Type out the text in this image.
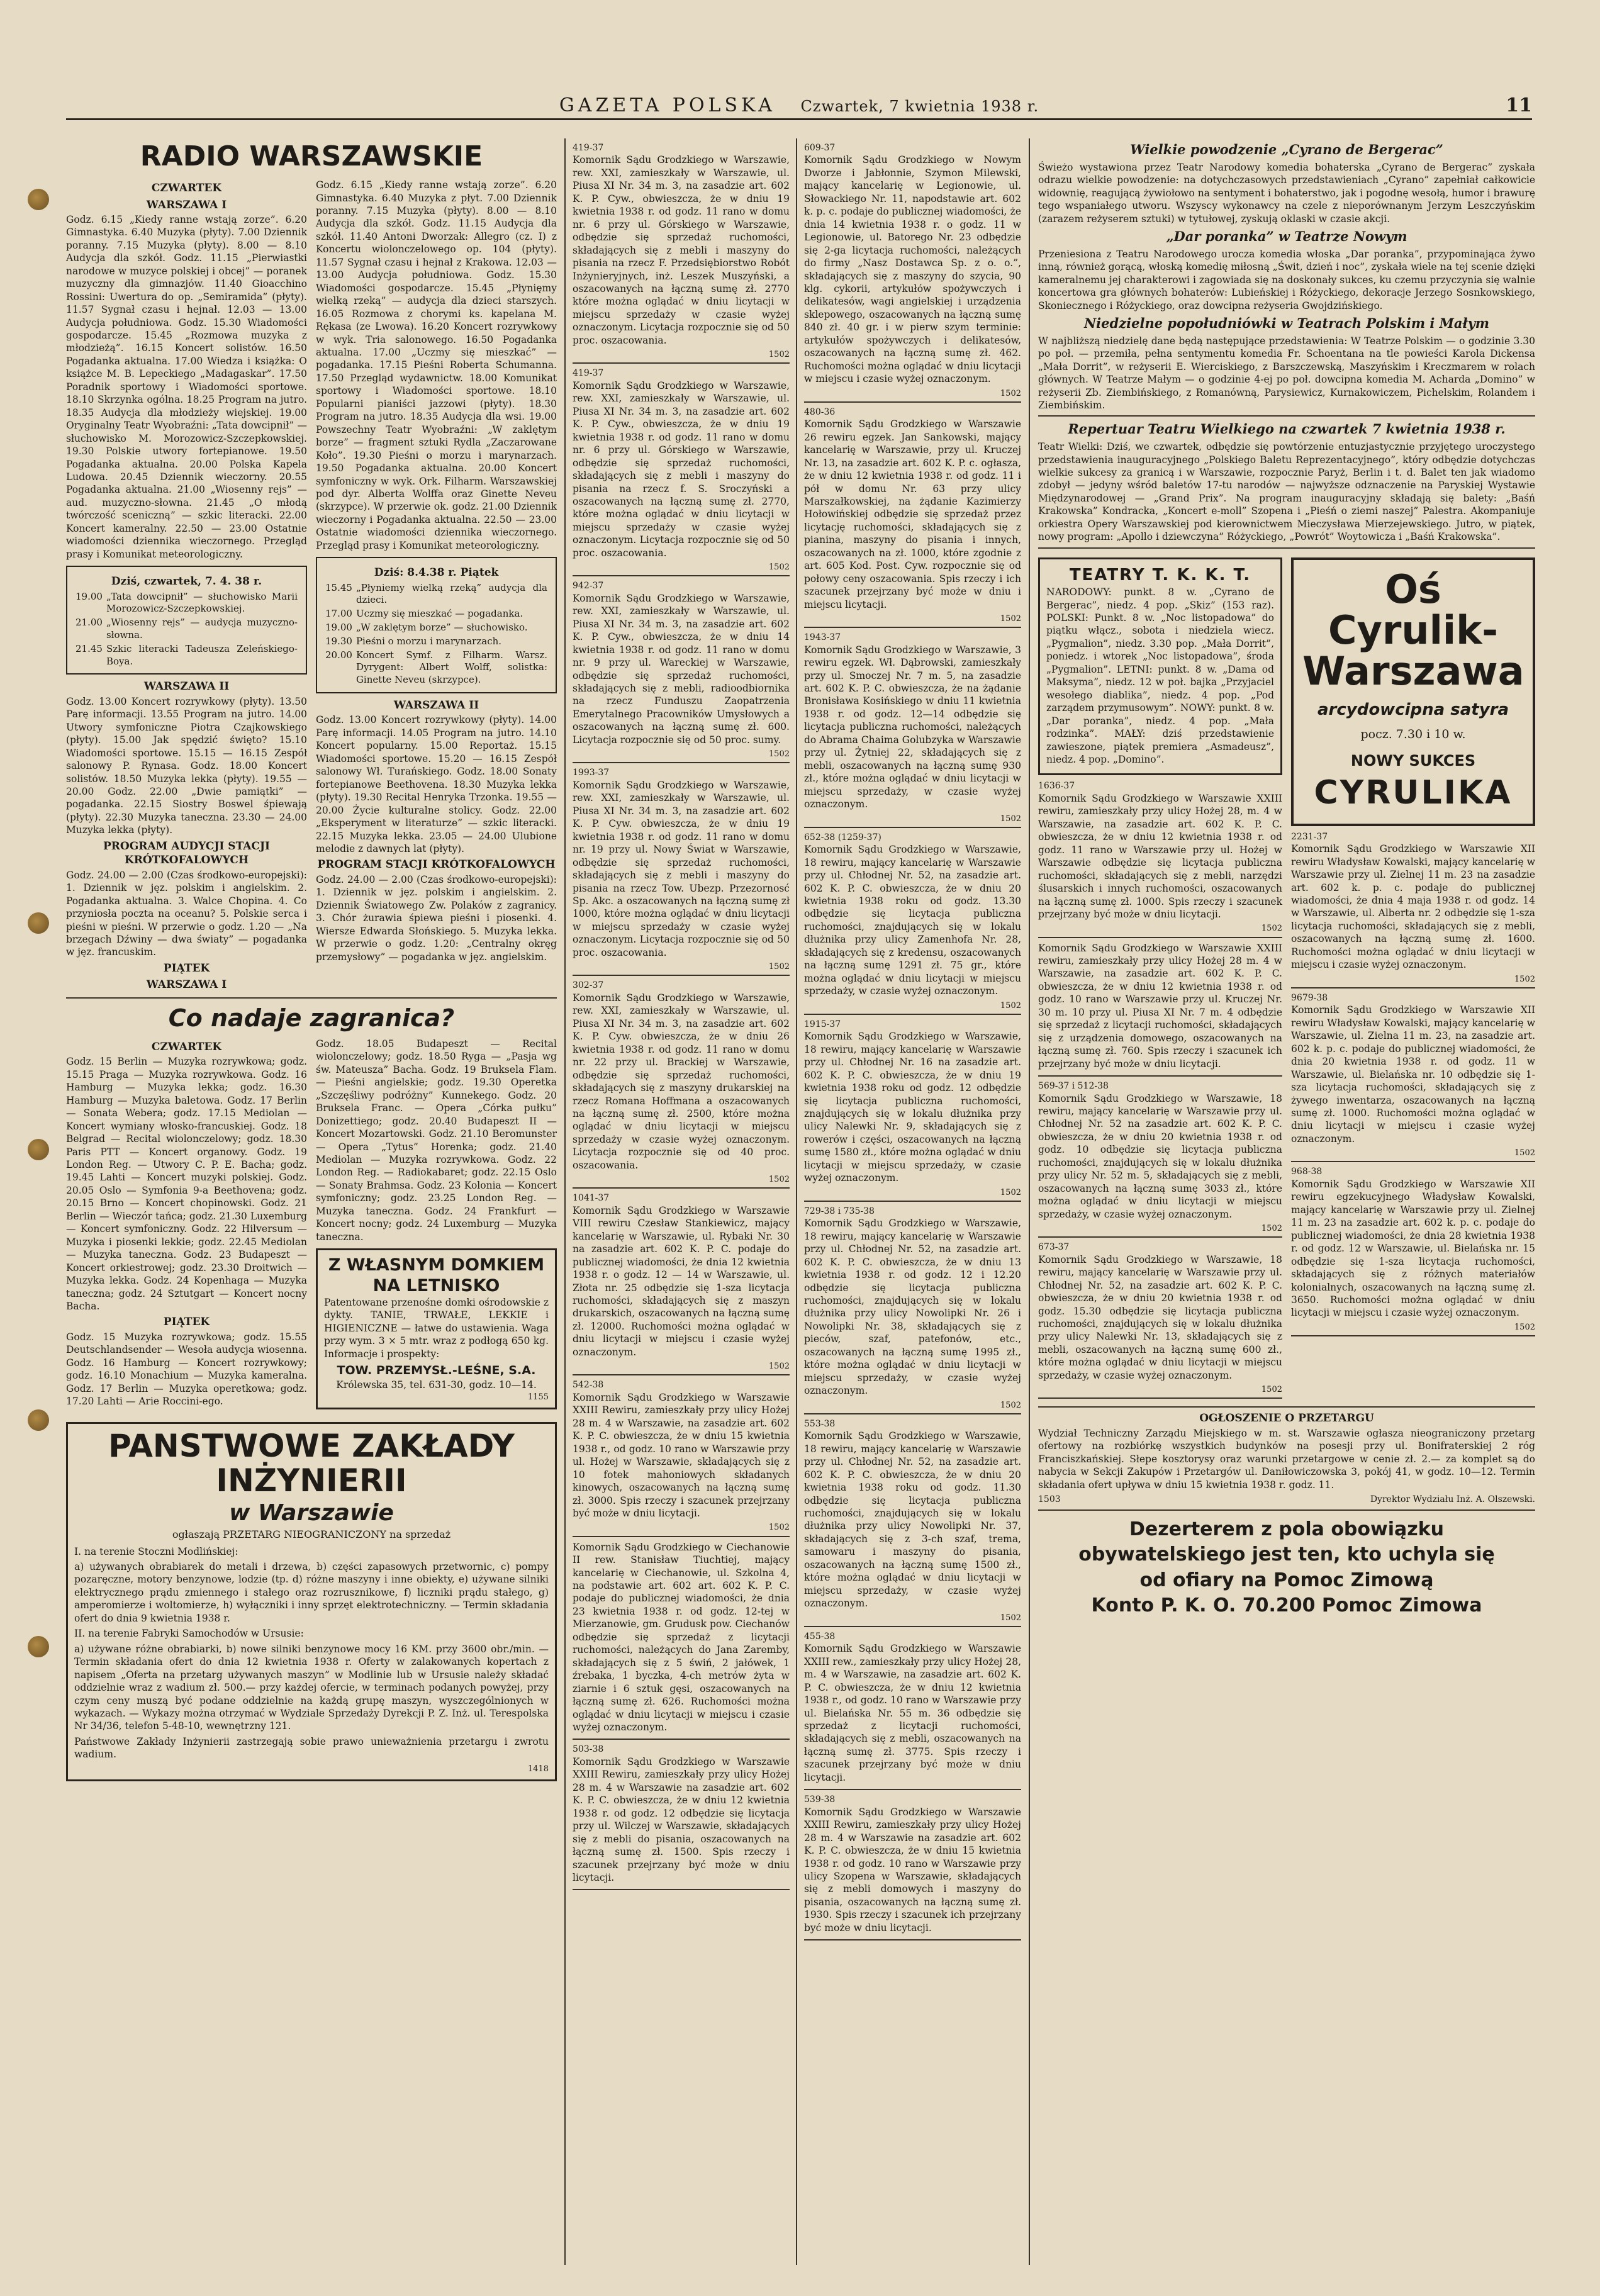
GAZETA POLSKA Czwartek, 7 kwietnia 1938 r.	11
RADIO WARSZAWSKIE
CZWARTEK
WARSZAWA I

Godz. 6.15 „Kiedy ranne wstają zorze”. 6.20 Gimnastyka. 6.40 Muzyka (płyty). 7.00 Dziennik poranny. 7.15 Muzyka (płyty). 8.00 — 8.10 Audycja dla szkół. Godz. 11.15 „Pierwiastki narodowe w muzyce polskiej i obcej” — poranek muzyczny dla gimnazjów. 11.40 Gioacchino Rossini: Uwertura do op. „Semiramida” (płyty). 11.57 Sygnał czasu i hejnał. 12.03 — 13.00 Audycja południowa. Godz. 15.30 Wiadomości gospodarcze. 15.45 „Rozmowa muzyka z młodzieżą”. 16.15 Koncert solistów. 16.50 Pogadanka aktualna. 17.00 Wiedza i książka: O książce M. B. Lepeckiego „Madagaskar”. 17.50 Poradnik sportowy i Wiadomości sportowe. 18.10 Skrzynka ogólna. 18.25 Program na jutro. 18.35 Audycja dla młodzieży wiejskiej. 19.00 Oryginalny Teatr Wyobraźni: „Tata dowcipnił” — słuchowisko M. Morozowicz-Szczepkowskiej. 19.30 Polskie utwory fortepianowe. 19.50 Pogadanka aktualna. 20.00 Polska Kapela Ludowa. 20.45 Dziennik wieczorny. 20.55 Pogadanka aktualna. 21.00 „Wiosenny rejs” — aud. muzyczno-słowna. 21.45 „O młodą twórczość sceniczną” — szkic literacki. 22.00 Koncert kameralny. 22.50 — 23.00 Ostatnie wiadomości dziennika wieczornego. Przegląd prasy i Komunikat meteorologiczny.

Dziś, czwartek, 7. 4. 38 r.
19.00	„Tata dowcipnił” — słuchowisko Marii Morozowicz-Szczepkowskiej.
21.00	„Wiosenny rejs” — audycja muzyczno-słowna.
21.45	Szkic literacki Tadeusza Zeleńskiego-Boya.
WARSZAWA II

Godz. 13.00 Koncert rozrywkowy (płyty). 13.50 Parę informacji. 13.55 Program na jutro. 14.00 Utwory symfoniczne Piotra Czajkowskiego (płyty). 15.00 Jak spędzić święto? 15.10 Wiadomości sportowe. 15.15 — 16.15 Zespół salonowy P. Rynasa. Godz. 18.00 Koncert solistów. 18.50 Muzyka lekka (płyty). 19.55 — 20.00 Godz. 22.00 „Dwie pamiątki” — pogadanka. 22.15 Siostry Boswel śpiewają (płyty). 22.30 Muzyka taneczna. 23.30 — 24.00 Muzyka lekka (płyty).

PROGRAM AUDYCJI STACJI KRÓTKOFALOWYCH

Godz. 24.00 — 2.00 (Czas środkowo-europejski): 1. Dziennik w jęz. polskim i angielskim. 2. Pogadanka aktualna. 3. Walce Chopina. 4. Co przyniosła poczta na oceanu? 5. Polskie serca i pieśni w pieśni. W przerwie o godz. 1.20 — „Na brzegach Dźwiny — dwa światy” — pogadanka w jęz. francuskim.

PIĄTEK
WARSZAWA I

Godz. 6.15 „Kiedy ranne wstają zorze”. 6.20 Gimnastyka. 6.40 Muzyka z płyt. 7.00 Dziennik poranny. 7.15 Muzyka (płyty). 8.00 — 8.10 Audycja dla szkół. Godz. 11.15 Audycja dla szkół. 11.40 Antoni Dworzak: Allegro (cz. I) z Koncertu wiolonczelowego op. 104 (płyty). 11.57 Sygnał czasu i hejnał z Krakowa. 12.03 — 13.00 Audycja południowa. Godz. 15.30 Wiadomości gospodarcze. 15.45 „Płynięmy wielką rzeką” — audycja dla dzieci starszych. 16.05 Rozmowa z chorymi ks. kapelana M. Rękasa (ze Lwowa). 16.20 Koncert rozrywkowy w wyk. Tria salonowego. 16.50 Pogadanka aktualna. 17.00 „Uczmy się mieszkać” — pogadanka. 17.15 Pieśni Roberta Schumanna. 17.50 Przegląd wydawnictw. 18.00 Komunikat sportowy i Wiadomości sportowe. 18.10 Popularni pianiści jazzowi (płyty). 18.30 Program na jutro. 18.35 Audycja dla wsi. 19.00 Powszechny Teatr Wyobraźni: „W zaklętym borze” — fragment sztuki Rydla „Zaczarowane Koło”. 19.30 Pieśni o morzu i marynarzach. 19.50 Pogadanka aktualna. 20.00 Koncert symfoniczny w wyk. Ork. Filharm. Warszawskiej pod dyr. Alberta Wolffa oraz Ginette Neveu (skrzypce). W przerwie ok. godz. 21.00 Dziennik wieczorny i Pogadanka aktualna. 22.50 — 23.00 Ostatnie wiadomości dziennika wieczornego. Przegląd prasy i Komunikat meteorologiczny.

Dziś: 8.4.38 r. Piątek
15.45	„Płyniemy wielką rzeką” audycja dla dzieci.
17.00	Uczmy się mieszkać — pogadanka.
19.00	„W zaklętym borze” — słuchowisko.
19.30	Pieśni o morzu i marynarzach.
20.00	Koncert Symf. z Filharm. Warsz. Dyrygent: Albert Wolff, solistka: Ginette Neveu (skrzypce).
WARSZAWA II

Godz. 13.00 Koncert rozrywkowy (płyty). 14.00 Parę informacji. 14.05 Program na jutro. 14.10 Koncert popularny. 15.00 Reportaż. 15.15 Wiadomości sportowe. 15.20 — 16.15 Zespół salonowy Wł. Turańskiego. Godz. 18.00 Sonaty fortepianowe Beethovena. 18.30 Muzyka lekka (płyty). 19.30 Recital Henryka Trzonka. 19.55 — 20.00 Życie kulturalne stolicy. Godz. 22.00 „Eksperyment w literaturze” — szkic literacki. 22.15 Muzyka lekka. 23.05 — 24.00 Ulubione melodie z dawnych lat (płyty).

PROGRAM STACJI KRÓTKOFALOWYCH

Godz. 24.00 — 2.00 (Czas środkowo-europejski): 1. Dziennik w jęz. polskim i angielskim. 2. Dziennik Światowego Zw. Polaków z zagranicy. 3. Chór żurawia śpiewa pieśni i piosenki. 4. Wiersze Edwarda Słońskiego. 5. Muzyka lekka. W przerwie o godz. 1.20: „Centralny okręg przemysłowy” — pogadanka w jęz. angielskim.

Co nadaje zagranica?
CZWARTEK

Godz. 15 Berlin — Muzyka rozrywkowa; godz. 15.15 Praga — Muzyka rozrywkowa. Godz. 16 Hamburg — Muzyka lekka; godz. 16.30 Hamburg — Muzyka baletowa. Godz. 17 Berlin — Sonata Webera; godz. 17.15 Mediolan — Koncert wymiany włosko-francuskiej. Godz. 18 Belgrad — Recital wiolonczelowy; godz. 18.30 Paris PTT — Koncert organowy. Godz. 19 London Reg. — Utwory C. P. E. Bacha; godz. 19.45 Lahti — Koncert muzyki polskiej. Godz. 20.05 Oslo — Symfonia 9-a Beethovena; godz. 20.15 Brno — Koncert chopinowski. Godz. 21 Berlin — Wieczór tańca; godz. 21.30 Luxemburg — Koncert symfoniczny. Godz. 22 Hilversum — Muzyka i piosenki lekkie; godz. 22.45 Mediolan — Muzyka taneczna. Godz. 23 Budapeszt — Koncert orkiestrowej; godz. 23.30 Droitwich — Muzyka lekka. Godz. 24 Kopenhaga — Muzyka taneczna; godz. 24 Sztutgart — Koncert nocny Bacha.

PIĄTEK

Godz. 15 Muzyka rozrywkowa; godz. 15.55 Deutschlandsender — Wesoła audycja wiosenna. Godz. 16 Hamburg — Koncert rozrywkowy; godz. 16.10 Monachium — Muzyka kameralna. Godz. 17 Berlin — Muzyka operetkowa; godz. 17.20 Lahti — Arie Roccini-ego.

Godz. 18.05 Budapeszt — Recital wiolonczelowy; godz. 18.50 Ryga — „Pasja wg św. Mateusza” Bacha. Godz. 19 Bruksela Flam. — Pieśni angielskie; godz. 19.30 Operetka „Szczęśliwy podróżny” Kunnekego. Godz. 20 Bruksela Franc. — Opera „Córka pułku” Donizettiego; godz. 20.40 Budapeszt II — Koncert Mozartowski. Godz. 21.10 Beromunster — Opera „Tytus” Horenka; godz. 21.40 Mediolan — Muzyka rozrywkowa. Godz. 22 London Reg. — Radiokabaret; godz. 22.15 Oslo — Sonaty Brahmsa. Godz. 23 Kolonia — Koncert symfoniczny; godz. 23.25 London Reg. — Muzyka taneczna. Godz. 24 Frankfurt — Koncert nocny; godz. 24 Luxemburg — Muzyka taneczna.

Z WŁASNYM DOMKIEM NA LETNISKO

Patentowane przenośne domki ośrodowskie z dykty. TANIE, TRWAŁE, LEKKIE i HIGIENICZNE — łatwe do ustawienia. Waga przy wym. 3 × 5 mtr. wraz z podłogą 650 kg. Informacje i prospekty:

TOW. PRZEMYSŁ.-LEŚNE, S.A.
Królewska 35, tel. 631-30, godz. 10—14.
1155
PANSTWOWE ZAKŁADY INŻYNIERII
w Warszawie
ogłaszają PRZETARG NIEOGRANICZONY na sprzedaż

I. na terenie Stoczni Modlińskiej:

a) używanych obrabiarek do metali i drzewa, b) części zapasowych przetwornic, c) pompy pozaręczne, motory benzynowe, lodzie (tp. d) różne maszyny i inne obiekty, e) używane silniki elektrycznego prądu zmiennego i stałego oraz rozrusznikowe, f) liczniki prądu stałego, g) amperomierze i woltomierze, h) wyłączniki i inny sprzęt elektrotechniczny. — Termin składania ofert do dnia 9 kwietnia 1938 r.

II. na terenie Fabryki Samochodów w Ursusie:

a) używane różne obrabiarki, b) nowe silniki benzynowe mocy 16 KM. przy 3600 obr./min. — Termin składania ofert do dnia 12 kwietnia 1938 r. Oferty w zalakowanych kopertach z napisem „Oferta na przetarg używanych maszyn” w Modlinie lub w Ursusie należy składać oddzielnie wraz z wadium zł. 500.— przy każdej ofercie, w terminach podanych powyżej, przy czym ceny muszą być podane oddzielnie na każdą grupę maszyn, wyszczególnionych w wykazach. — Wykazy można otrzymać w Wydziale Sprzedaży Dyrekcji P. Z. Inż. ul. Terespolska Nr 34/36, telefon 5-48-10, wewnętrzny 121.

Państwowe Zakłady Inżynierii zastrzegają sobie prawo unieważnienia przetargu i zwrotu wadium.

1418
419-37

Komornik Sądu Grodzkiego w Warszawie, rew. XXI, zamieszkały w Warszawie, ul. Piusa XI Nr. 34 m. 3, na zasadzie art. 602 K. P. Cyw., obwieszcza, że w dniu 19 kwietnia 1938 r. od godz. 11 rano w domu nr. 6 przy ul. Górskiego w Warszawie, odbędzie się sprzedaż ruchomości, składających się z mebli i maszyny do pisania na rzecz F. Przedsiębiorstwo Robót Inżynieryjnych, inż. Leszek Muszyński, a oszacowanych na łączną sumę zł. 2770 które można oglądać w dniu licytacji w miejscu sprzedaży w czasie wyżej oznaczonym. Licytacja rozpocznie się od 50 proc. oszacowania.

1502
419-37

Komornik Sądu Grodzkiego w Warszawie, rew. XXI, zamieszkały w Warszawie, ul. Piusa XI Nr. 34 m. 3, na zasadzie art. 602 K. P. Cyw., obwieszcza, że w dniu 19 kwietnia 1938 r. od godz. 11 rano w domu nr. 6 przy ul. Górskiego w Warszawie, odbędzie się sprzedaż ruchomości, składających się z mebli i maszyny do pisania na rzecz f. S. Sroczyński a oszacowanych na łączną sumę zł. 2770, które można oglądać w dniu licytacji w miejscu sprzedaży w czasie wyżej oznaczonym. Licytacja rozpocznie się od 50 proc. oszacowania.

1502
942-37

Komornik Sądu Grodzkiego w Warszawie, rew. XXI, zamieszkały w Warszawie, ul. Piusa XI Nr. 34 m. 3, na zasadzie art. 602 K. P. Cyw., obwieszcza, że w dniu 14 kwietnia 1938 r. od godz. 11 rano w domu nr. 9 przy ul. Wareckiej w Warszawie, odbędzie się sprzedaż ruchomości, składających się z mebli, radioodbiornika na rzecz Funduszu Zaopatrzenia Emerytalnego Pracowników Umysłowych a oszacowanych na łączną sumę zł. 600. Licytacja rozpocznie się od 50 proc. sumy.

1502
1993-37

Komornik Sądu Grodzkiego w Warszawie, rew. XXI, zamieszkały w Warszawie, ul. Piusa XI Nr. 34 m. 3, na zasadzie art. 602 K. P. Cyw. obwieszcza, że w dniu 19 kwietnia 1938 r. od godz. 11 rano w domu nr. 19 przy ul. Nowy Świat w Warszawie, odbędzie się sprzedaż ruchomości, składających się z mebli i maszyny do pisania na rzecz Tow. Ubezp. Przezornosć Sp. Akc. a oszacowanych na łączną sumę zł 1000, które można oglądać w dniu licytacji w miejscu sprzedaży w czasie wyżej oznaczonym. Licytacja rozpocznie się od 50 proc. oszacowania.

1502
302-37

Komornik Sądu Grodzkiego w Warszawie, rew. XXI, zamieszkały w Warszawie, ul. Piusa XI Nr. 34 m. 3, na zasadzie art. 602 K. P. Cyw. obwieszcza, że w dniu 26 kwietnia 1938 r. od godz. 11 rano w domu nr. 22 przy ul. Brackiej w Warszawie, odbędzie się sprzedaż ruchomości, składających się z maszyny drukarskiej na rzecz Romana Hoffmana a oszacowanych na łączną sumę zł. 2500, które można oglądać w dniu licytacji w miejscu sprzedaży w czasie wyżej oznaczonym. Licytacja rozpocznie się od 40 proc. oszacowania.

1502
1041-37

Komornik Sądu Grodzkiego w Warszawie VIII rewiru Czesław Stankiewicz, mający kancelarię w Warszawie, ul. Rybaki Nr. 30 na zasadzie art. 602 K. P. C. podaje do publicznej wiadomości, że dnia 12 kwietnia 1938 r. o godz. 12 — 14 w Warszawie, ul. Złota nr. 25 odbędzie się 1-sza licytacja ruchomości, składających się z maszyn drukarskich, oszacowanych na łączną sumę zł. 12000. Ruchomości można oglądać w dniu licytacji w miejscu i czasie wyżej oznaczonym.

1502
542-38

Komornik Sądu Grodzkiego w Warszawie XXIII Rewiru, zamieszkały przy ulicy Hożej 28 m. 4 w Warszawie, na zasadzie art. 602 K. P. C. obwieszcza, że w dniu 15 kwietnia 1938 r., od godz. 10 rano w Warszawie przy ul. Hożej w Warszawie, składających się z 10 fotek mahoniowych składanych kinowych, oszacowanych na łączną sumę zł. 3000. Spis rzeczy i szacunek przejrzany być może w dniu licytacji.

1502

Komornik Sądu Grodzkiego w Ciechanowie II rew. Stanisław Tiuchtiej, mający kancelarię w Ciechanowie, ul. Szkolna 4, na podstawie art. 602 art. 602 K. P. C. podaje do publicznej wiadomości, że dnia 23 kwietnia 1938 r. od godz. 12-tej w Mierzanowie, gm. Grudusk pow. Ciechanów odbędzie się sprzedaż z licytacji ruchomości, należących do Jana Zaremby, składających się z 5 świń, 2 jałówek, 1 źrebaka, 1 byczka, 4-ch metrów żyta w ziarnie i 6 sztuk gęsi, oszacowanych na łączną sumę zł. 626. Ruchomości można oglądać w dniu licytacji w miejscu i czasie wyżej oznaczonym.

503-38

Komornik Sądu Grodzkiego w Warszawie XXIII Rewiru, zamieszkały przy ulicy Hożej 28 m. 4 w Warszawie na zasadzie art. 602 K. P. C. obwieszcza, że w dniu 12 kwietnia 1938 r. od godz. 12 odbędzie się licytacja przy ul. Wilczej w Warszawie, składających się z mebli do pisania, oszacowanych na łączną sumę zł. 1500. Spis rzeczy i szacunek przejrzany być może w dniu licytacji.

609-37

Komornik Sądu Grodzkiego w Nowym Dworze i Jabłonnie, Szymon Milewski, mający kancelarię w Legionowie, ul. Słowackiego Nr. 11, napodstawie art. 602 k. p. c. podaje do publicznej wiadomości, że dnia 14 kwietnia 1938 r. o godz. 11 w Legionowie, ul. Batorego Nr. 23 odbędzie się 2-ga licytacja ruchomości, należących do firmy „Nasz Dostawca Sp. z o. o.”, składających się z maszyny do szycia, 90 klg. cykorii, artykułów spożywczych i delikatesów, wagi angielskiej i urządzenia sklepowego, oszacowanych na łączną sumę 840 zł. 40 gr. i w pierw szym terminie: artykułów spożywczych i delikatesów, oszacowanych na łączną sumę zł. 462. Ruchomości można oglądać w dniu licytacji w miejscu i czasie wyżej oznaczonym.

1502
480-36

Komornik Sądu Grodzkiego w Warszawie 26 rewiru egzek. Jan Sankowski, mający kancelarię w Warszawie, przy ul. Kruczej Nr. 13, na zasadzie art. 602 K. P. c. ogłasza, że w dniu 12 kwietnia 1938 r. od godz. 11 i pół w domu Nr. 63 przy ulicy Marszałkowskiej, na żądanie Kazimierzy Hołowińskiej odbędzie się sprzedaż przez licytację ruchomości, składających się z pianina, maszyny do pisania i innych, oszacowanych na zł. 1000, które zgodnie z art. 605 Kod. Post. Cyw. rozpocznie się od połowy ceny oszacowania. Spis rzeczy i ich szacunek przejrzany być może w dniu i miejscu licytacji.

1502
1943-37

Komornik Sądu Grodzkiego w Warszawie, 3 rewiru egzek. Wł. Dąbrowski, zamieszkały przy ul. Smoczej Nr. 7 m. 5, na zasadzie art. 602 K. P. C. obwieszcza, że na żądanie Bronisława Kosińskiego w dniu 11 kwietnia 1938 r. od godz. 12—14 odbędzie się licytacja publiczna ruchomości, należących do Abrama Chaima Golubzyka w Warszawie przy ul. Żytniej 22, składających się z mebli, oszacowanych na łączną sumę 930 zł., które można oglądać w dniu licytacji w miejscu sprzedaży, w czasie wyżej oznaczonym.

1502
652-38 (1259-37)

Komornik Sądu Grodzkiego w Warszawie, 18 rewiru, mający kancelarię w Warszawie przy ul. Chłodnej Nr. 52, na zasadzie art. 602 K. P. C. obwieszcza, że w dniu 20 kwietnia 1938 roku od godz. 13.30 odbędzie się licytacja publiczna ruchomości, znajdujących się w lokalu dłużnika przy ulicy Zamenhofa Nr. 28, składających się z kredensu, oszacowanych na łączną sumę 1291 zł. 75 gr., które można oglądać w dniu licytacji w miejscu sprzedaży, w czasie wyżej oznaczonym.

1502
1915-37

Komornik Sądu Grodzkiego w Warszawie, 18 rewiru, mający kancelarię w Warszawie przy ul. Chłodnej Nr. 16 na zasadzie art. 602 K. P. C. obwieszcza, że w dniu 19 kwietnia 1938 roku od godz. 12 odbędzie się licytacja publiczna ruchomości, znajdujących się w lokalu dłużnika przy ulicy Nalewki Nr. 9, składających się z rowerów i części, oszacowanych na łączną sumę 1580 zł., które można oglądać w dniu licytacji w miejscu sprzedaży, w czasie wyżej oznaczonym.

1502
729-38 i 735-38

Komornik Sądu Grodzkiego w Warszawie, 18 rewiru, mający kancelarię w Warszawie przy ul. Chłodnej Nr. 52, na zasadzie art. 602 K. P. C. obwieszcza, że w dniu 13 kwietnia 1938 r. od godz. 12 i 12.20 odbędzie się licytacja publiczna ruchomości, znajdujących się w lokalu dłużnika przy ulicy Nowolipki Nr. 26 i Nowolipki Nr. 38, składających się z pieców, szaf, patefonów, etc., oszacowanych na łączną sumę 1995 zł., które można oglądać w dniu licytacji w miejscu sprzedaży, w czasie wyżej oznaczonym.

1502
553-38

Komornik Sądu Grodzkiego w Warszawie, 18 rewiru, mający kancelarię w Warszawie przy ul. Chłodnej Nr. 52, na zasadzie art. 602 K. P. C. obwieszcza, że w dniu 20 kwietnia 1938 roku od godz. 11.30 odbędzie się licytacja publiczna ruchomości, znajdujących się w lokalu dłużnika przy ulicy Nowolipki Nr. 37, składających się z 3-ch szaf, trema, samowaru i maszyny do pisania, oszacowanych na łączną sumę 1500 zł., które można oglądać w dniu licytacji w miejscu sprzedaży, w czasie wyżej oznaczonym.

1502
455-38

Komornik Sądu Grodzkiego w Warszawie XXIII rew., zamieszkały przy ulicy Hożej 28, m. 4 w Warszawie, na zasadzie art. 602 K. P. C. obwieszcza, że w dniu 12 kwietnia 1938 r., od godz. 10 rano w Warszawie przy ul. Bielańska Nr. 55 m. 36 odbędzie się sprzedaż z licytacji ruchomości, składających się z mebli, oszacowanych na łączną sumę zł. 3775. Spis rzeczy i szacunek przejrzany być może w dniu licytacji.

539-38

Komornik Sądu Grodzkiego w Warszawie XXIII Rewiru, zamieszkały przy ulicy Hożej 28 m. 4 w Warszawie na zasadzie art. 602 K. P. C. obwieszcza, że w dniu 15 kwietnia 1938 r. od godz. 10 rano w Warszawie przy ulicy Szopena w Warszawie, składających się z mebli domowych i maszyny do pisania, oszacowanych na łączną sumę zł. 1930. Spis rzeczy i szacunek ich przejrzany być może w dniu licytacji.

Wielkie powodzenie „Cyrano de Bergerac”

Świeżo wystawiona przez Teatr Narodowy komedia bohaterska „Cyrano de Bergerac” zyskała odrazu wielkie powodzenie: na dotychczasowych przedstawieniach „Cyrano” zapełniał całkowicie widownię, reagującą żywiołowo na sentyment i bohaterstwo, jak i pogodnę wesołą, humor i brawurę tego wspaniałego utworu. Wszyscy wykonawcy na czele z nieporównanym Jerzym Leszczyńskim (zarazem reżyserem sztuki) w tytułowej, zyskują oklaski w czasie akcji.

„Dar poranka” w Teatrze Nowym

Przeniesiona z Teatru Narodowego urocza komedia włoska „Dar poranka”, przypominająca żywo inną, również gorącą, włoską komedię miłosną „Świt, dzień i noc”, zyskała wiele na tej scenie dzięki kameralnemu jej charakterowi i zagowiada się na doskonały sukces, ku czemu przyczynia się walnie koncertowa gra głównych bohaterów: Lubieńskiej i Różyckiego, dekoracje Jerzego Sosnkowskiego, Skoniecznego i Różyckiego, oraz dowcipna reżyseria Gwojdzińskiego.

Niedzielne popołudniówki w Teatrach Polskim i Małym

W najbliższą niedzielę dane będą następujące przedstawienia: W Teatrze Polskim — o godzinie 3.30 po poł. — przemiła, pełna sentymentu komedia Fr. Schoentana na tle powieści Karola Dickensa „Mała Dorrit”, w reżyserii E. Wierciskiego, z Barszczewską, Maszyńskim i Kreczmarem w rolach głównych. W Teatrze Małym — o godzinie 4-ej po poł. dowcipna komedia M. Acharda „Domino” w reżyserii Zb. Ziembińskiego, z Romanówną, Parysiewicz, Kurnakowiczem, Pichelskim, Rolandem i Ziembińskim.

Repertuar Teatru Wielkiego na czwartek 7 kwietnia 1938 r.

Teatr Wielki: Dziś, we czwartek, odbędzie się powtórzenie entuzjastycznie przyjętego uroczystego przedstawienia inauguracyjnego „Polskiego Baletu Reprezentacyjnego”, który odbędzie dotychczas wielkie sukcesy za granicą i w Warszawie, rozpocznie Paryż, Berlin i t. d. Balet ten jak wiadomo zdobył — jedyny wśród baletów 17-tu narodów — najwyższe odznaczenie na Paryskiej Wystawie Międzynarodowej — „Grand Prix”. Na program inauguracyjny składają się balety: „Baśń Krakowska” Kondracka, „Koncert e-moll” Szopena i „Pieśń o ziemi naszej” Palestra. Akompaniuje orkiestra Opery Warszawskiej pod kierownictwem Mieczysława Mierzejewskiego. Jutro, w piątek, nowy program: „Apollo i dziewczyna” Różyckiego, „Powrót” Woytowicza i „Baśń Krakowska”.

TEATRY T. K. K. T.

NARODOWY: punkt. 8 w. „Cyrano de Bergerac”, niedz. 4 pop. „Skiz” (153 raz). POLSKI: Punkt. 8 w. „Noc listopadowa” do piątku włącz., sobota i niedziela wiecz. „Pygmalion”, niedz. 3.30 pop. „Mała Dorrit”, poniedz. i wtorek „Noc listopadowa”, środa „Pygmalion”. LETNI: punkt. 8 w. „Dama od Maksyma”, niedz. 12 w poł. bajka „Przyjaciel wesołego diablika”, niedz. 4 pop. „Pod zarządem przymusowym”. NOWY: punkt. 8 w. „Dar poranka”, niedz. 4 pop. „Mała rodzinka”. MAŁY: dziś przedstawienie zawieszone, piątek premiera „Asmadeusz”, niedz. 4 pop. „Domino”.

1636-37

Komornik Sądu Grodzkiego w Warszawie XXIII rewiru, zamieszkały przy ulicy Hożej 28, m. 4 w Warszawie, na zasadzie art. 602 K. P. C. obwieszcza, że w dniu 12 kwietnia 1938 r. od godz. 11 rano w Warszawie przy ul. Hożej w Warszawie odbędzie się licytacja publiczna ruchomości, składających się z mebli, narzędzi ślusarskich i innych ruchomości, oszacowanych na łączną sumę zł. 1000. Spis rzeczy i szacunek przejrzany być może w dniu licytacji.

1502

Komornik Sądu Grodzkiego w Warszawie XXIII rewiru, zamieszkały przy ulicy Hożej 28 m. 4 w Warszawie, na zasadzie art. 602 K. P. C. obwieszcza, że w dniu 12 kwietnia 1938 r. od godz. 10 rano w Warszawie przy ul. Kruczej Nr. 30 m. 10 przy ul. Piusa XI Nr. 7 m. 4 odbędzie się sprzedaż z licytacji ruchomości, składających się z urządzenia domowego, oszacowanych na łączną sumę zł. 760. Spis rzeczy i szacunek ich przejrzany być może w dniu licytacji.

569-37 i 512-38

Komornik Sądu Grodzkiego w Warszawie, 18 rewiru, mający kancelarię w Warszawie przy ul. Chłodnej Nr. 52 na zasadzie art. 602 K. P. C. obwieszcza, że w dniu 20 kwietnia 1938 r. od godz. 10 odbędzie się licytacja publiczna ruchomości, znajdujących się w lokalu dłużnika przy ulicy Nr. 52 m. 5, składających się z mebli, oszacowanych na łączną sumę 3033 zł., które można oglądać w dniu licytacji w miejscu sprzedaży, w czasie wyżej oznaczonym.

1502
673-37

Komornik Sądu Grodzkiego w Warszawie, 18 rewiru, mający kancelarię w Warszawie przy ul. Chłodnej Nr. 52, na zasadzie art. 602 K. P. C. obwieszcza, że w dniu 20 kwietnia 1938 r. od godz. 15.30 odbędzie się licytacja publiczna ruchomości, znajdujących się w lokalu dłużnika przy ulicy Nalewki Nr. 13, składających się z mebli, oszacowanych na łączną sumę 600 zł., które można oglądać w dniu licytacji w miejscu sprzedaży, w czasie wyżej oznaczonym.

1502
Oś Cyrulik-
Warszawa
arcydowcipna satyra
pocz. 7.30 i 10 w.
NOWY SUKCES
CYRULIKA
2231-37

Komornik Sądu Grodzkiego w Warszawie XII rewiru Władysław Kowalski, mający kancelarię w Warszawie przy ul. Zielnej 11 m. 23 na zasadzie art. 602 k. p. c. podaje do publicznej wiadomości, że dnia 4 maja 1938 r. od godz. 14 w Warszawie, ul. Alberta nr. 2 odbędzie się 1-sza licytacja ruchomości, składających się z mebli, oszacowanych na łączną sumę zł. 1600. Ruchomości można oglądać w dniu licytacji w miejscu i czasie wyżej oznaczonym.

1502
9679-38

Komornik Sądu Grodzkiego w Warszawie XII rewiru Władysław Kowalski, mający kancelarię w Warszawie, ul. Zielna 11 m. 23, na zasadzie art. 602 k. p. c. podaje do publicznej wiadomości, że dnia 20 kwietnia 1938 r. od godz. 11 w Warszawie, ul. Bielańska nr. 10 odbędzie się 1-sza licytacja ruchomości, składających się z żywego inwentarza, oszacowanych na łączną sumę zł. 1000. Ruchomości można oglądać w dniu licytacji w miejscu i czasie wyżej oznaczonym.

1502
968-38

Komornik Sądu Grodzkiego w Warszawie XII rewiru egzekucyjnego Władysław Kowalski, mający kancelarię w Warszawie przy ul. Zielnej 11 m. 23 na zasadzie art. 602 k. p. c. podaje do publicznej wiadomości, że dnia 28 kwietnia 1938 r. od godz. 12 w Warszawie, ul. Bielańska nr. 15 odbędzie się 1-sza licytacja ruchomości, składających się z różnych materiałów kolonialnych, oszacowanych na łączną sumę zł. 3650. Ruchomości można oglądać w dniu licytacji w miejscu i czasie wyżej oznaczonym.

1502
OGŁOSZENIE O PRZETARGU

Wydział Techniczny Zarządu Miejskiego w m. st. Warszawie ogłasza nieograniczony przetarg ofertowy na rozbiórkę wszystkich budynków na posesji przy ul. Bonifraterskiej 2 róg Franciszkańskiej. Słepe kosztorysy oraz warunki przetargowe w cenie zł. 2.— za komplet są do nabycia w Sekcji Zakupów i Przetargów ul. Daniłowiczowska 3, pokój 41, w godz. 10—12. Termin składania ofert upływa w dniu 15 kwietnia 1938 r. godz. 11.

1503	Dyrektor Wydziału Inż. A. Olszewski.
Dezerterem z pola obowiązku
obywatelskiego jest ten, kto uchyla się
od ofiary na Pomoc Zimową
Konto P. K. O. 70.200 Pomoc Zimowa
